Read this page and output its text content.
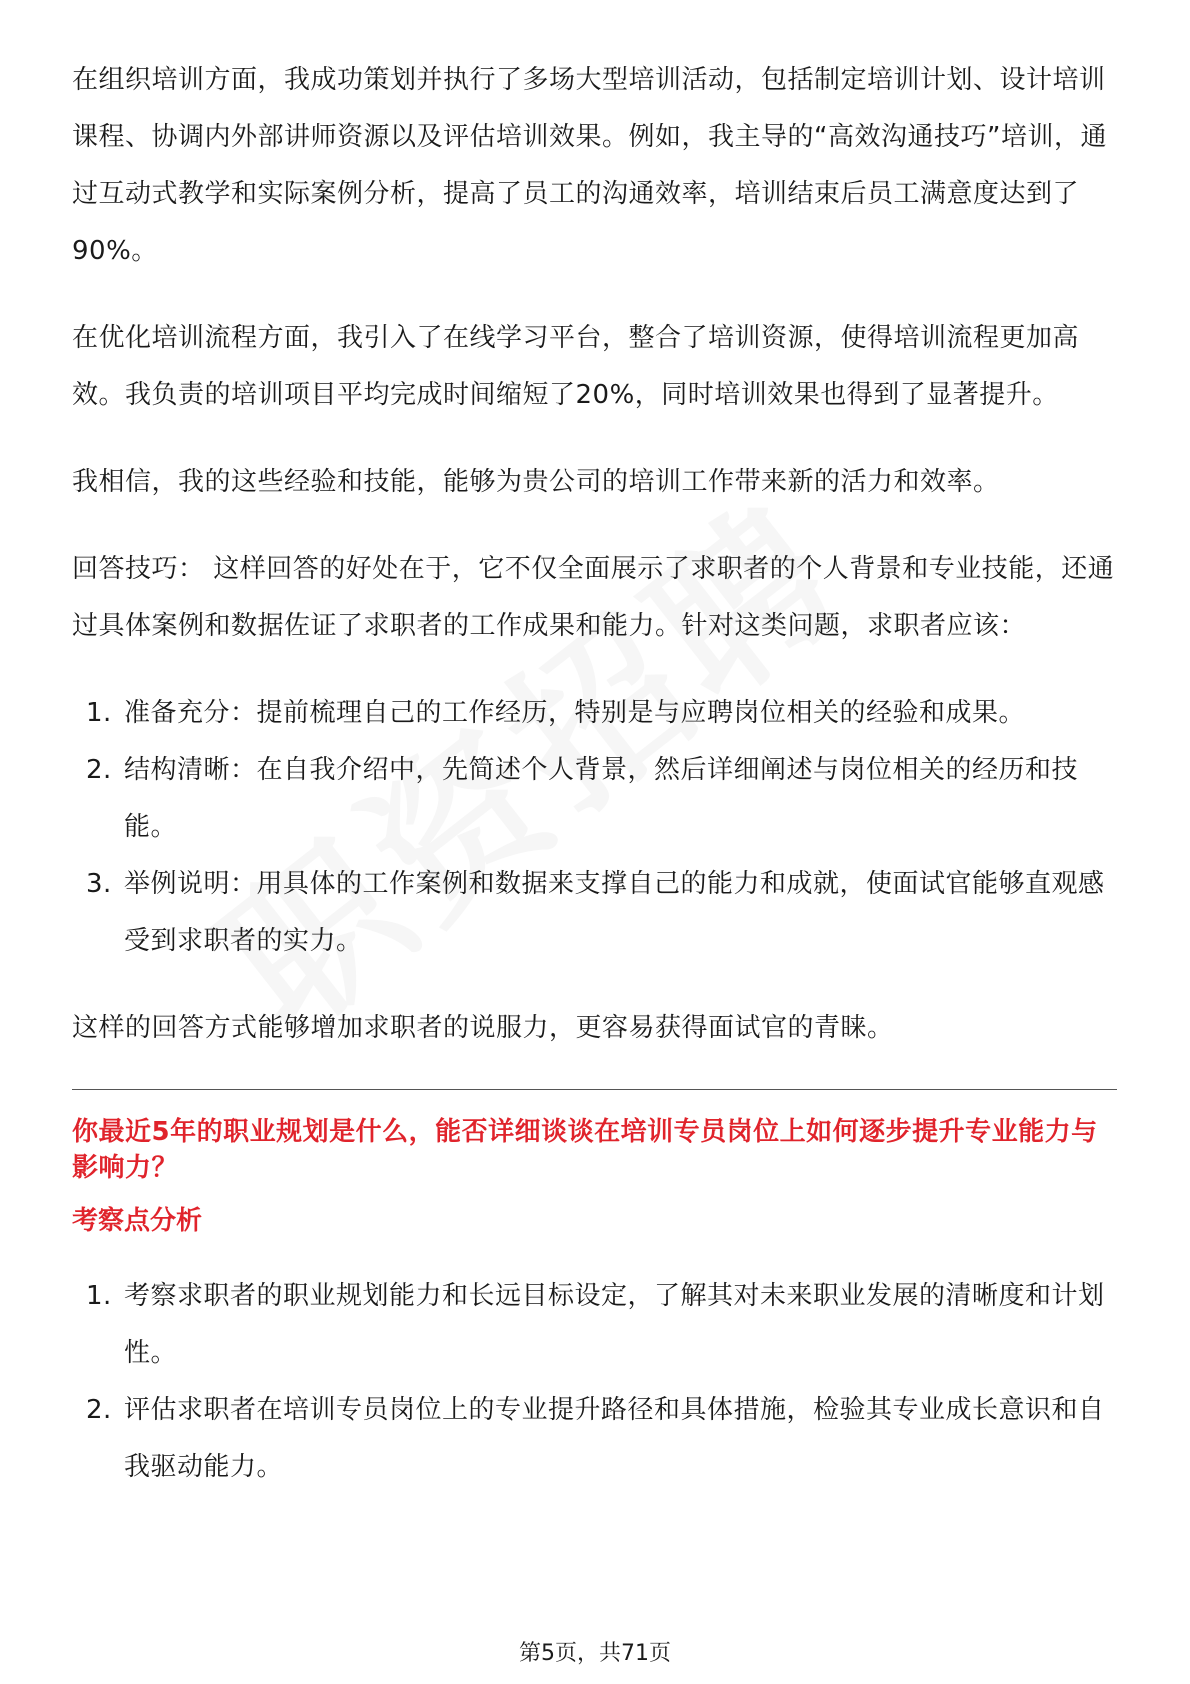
在组织培训方面，我成功策划并执行了多场大型培训活动，包括制定培训计划、设计培训课程、协调内外部讲师资源以及评估培训效果。例如，我主导的“高效沟通技巧”培训，通过互动式教学和实际案例分析，提高了员工的沟通效率，培训结束后员工满意度达到了90%。

在优化培训流程方面，我引入了在线学习平台，整合了培训资源，使得培训流程更加高效。我负责的培训项目平均完成时间缩短了20%，同时培训效果也得到了显著提升。

我相信，我的这些经验和技能，能够为贵公司的培训工作带来新的活力和效率。

回答技巧： 这样回答的好处在于，它不仅全面展示了求职者的个人背景和专业技能，还通过具体案例和数据佐证了求职者的工作成果和能力。针对这类问题，求职者应该：

1. 准备充分：提前梳理自己的工作经历，特别是与应聘岗位相关的经验和成果。
2. 结构清晰：在自我介绍中，先简述个人背景，然后详细阐述与岗位相关的经历和技能。
3. 举例说明：用具体的工作案例和数据来支撑自己的能力和成就，使面试官能够直观感受到求职者的实力。

这样的回答方式能够增加求职者的说服力，更容易获得面试官的青睐。

你最近5年的职业规划是什么，能否详细谈谈在培训专员岗位上如何逐步提升专业能力与影响力？
考察点分析
1. 考察求职者的职业规划能力和长远目标设定，了解其对未来职业发展的清晰度和计划性。
2. 评估求职者在培训专员岗位上的专业提升路径和具体措施，检验其专业成长意识和自我驱动能力。
第5页，共71页
